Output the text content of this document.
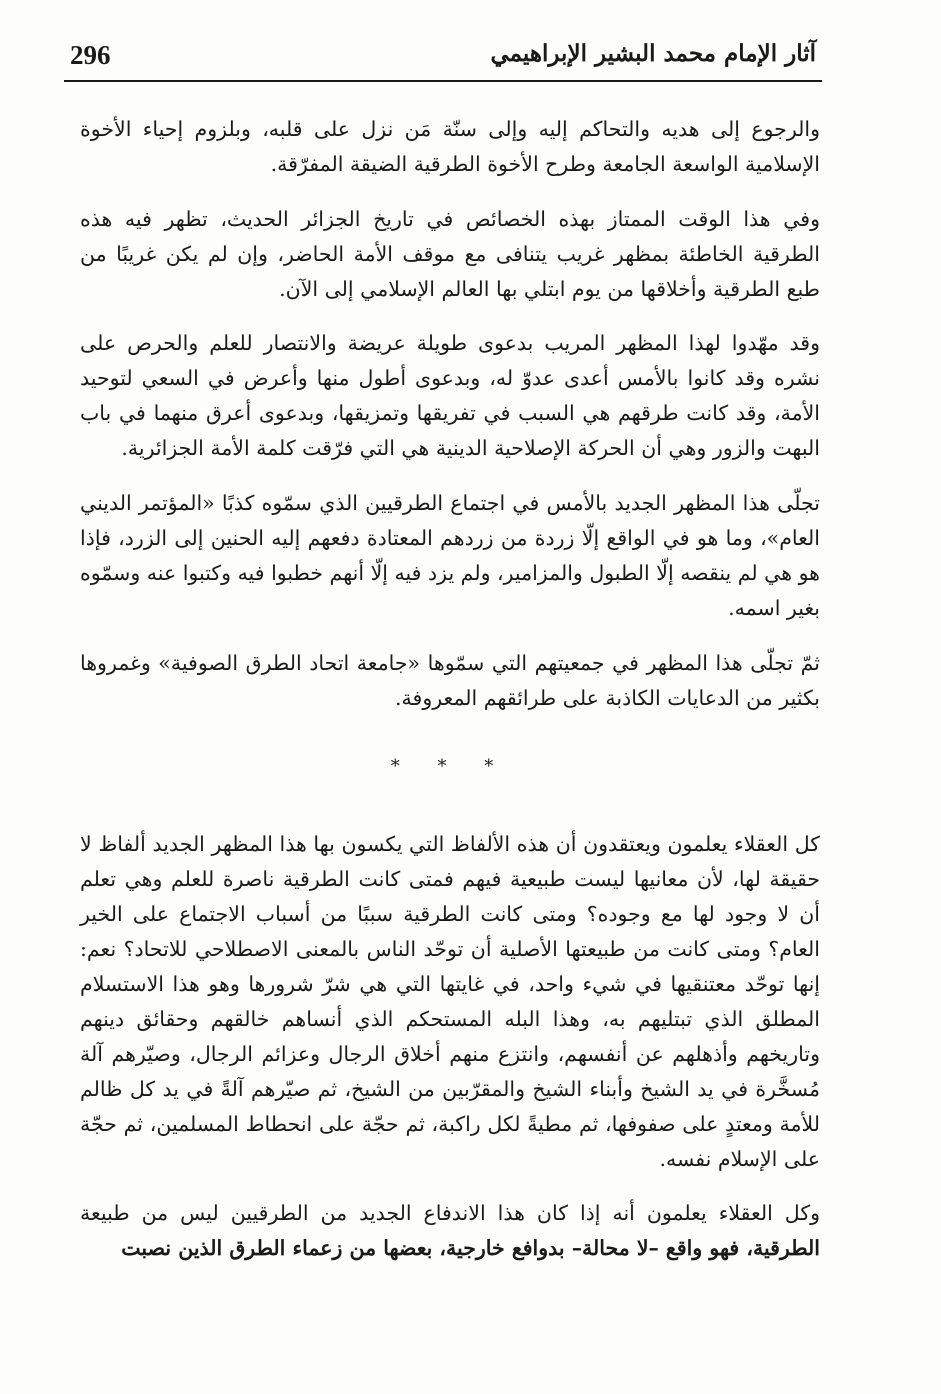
296	آثار الإمام محمد البشير الإبراهيمي

والرجوع إلى هديه والتحاكم إليه وإلى سنّة مَن نزل على قلبه، وبلزوم إحياء الأخوة الإسلامية الواسعة الجامعة وطرح الأخوة الطرقية الضيقة المفرّقة.

وفي هذا الوقت الممتاز بهذه الخصائص في تاريخ الجزائر الحديث، تظهر فيه هذه الطرقية الخاطئة بمظهر غريب يتنافى مع موقف الأمة الحاضر، وإن لم يكن غريبًا من طبع الطرقية وأخلاقها من يوم ابتلي بها العالم الإسلامي إلى الآن.

وقد مهّدوا لهذا المظهر المريب بدعوى طويلة عريضة والانتصار للعلم والحرص على نشره وقد كانوا بالأمس أعدى عدوّ له، وبدعوى أطول منها وأعرض في السعي لتوحيد الأمة، وقد كانت طرقهم هي السبب في تفريقها وتمزيقها، وبدعوى أعرق منهما في باب البهت والزور وهي أن الحركة الإصلاحية الدينية هي التي فرّقت كلمة الأمة الجزائرية.

تجلّى هذا المظهر الجديد بالأمس في اجتماع الطرقيين الذي سمّوه كذبًا «المؤتمر الديني العام»، وما هو في الواقع إلّا زردة من زردهم المعتادة دفعهم إليه الحنين إلى الزرد، فإذا هو هي لم ينقصه إلّا الطبول والمزامير، ولم يزد فيه إلّا أنهم خطبوا فيه وكتبوا عنه وسمّوه بغير اسمه.

ثمّ تجلّى هذا المظهر في جمعيتهم التي سمّوها «جامعة اتحاد الطرق الصوفية» وغمروها بكثير من الدعايات الكاذبة على طرائقهم المعروفة.

* * *

كل العقلاء يعلمون ويعتقدون أن هذه الألفاظ التي يكسون بها هذا المظهر الجديد ألفاظ لا حقيقة لها، لأن معانيها ليست طبيعية فيهم فمتى كانت الطرقية ناصرة للعلم وهي تعلم أن لا وجود لها مع وجوده؟ ومتى كانت الطرقية سببًا من أسباب الاجتماع على الخير العام؟ ومتى كانت من طبيعتها الأصلية أن توحّد الناس بالمعنى الاصطلاحي للاتحاد؟ نعم: إنها توحّد معتنقيها في شيء واحد، في غايتها التي هي شرّ شرورها وهو هذا الاستسلام المطلق الذي تبتليهم به، وهذا البله المستحكم الذي أنساهم خالقهم وحقائق دينهم وتاريخهم وأذهلهم عن أنفسهم، وانتزع منهم أخلاق الرجال وعزائم الرجال، وصيّرهم آلة مُسخَّرة في يد الشيخ وأبناء الشيخ والمقرّبين من الشيخ، ثم صيّرهم آلةً في يد كل ظالم للأمة ومعتدٍ على صفوفها، ثم مطيةً لكل راكبة، ثم حجّة على انحطاط المسلمين، ثم حجّة على الإسلام نفسه.

وكل العقلاء يعلمون أنه إذا كان هذا الاندفاع الجديد من الطرقيين ليس من طبيعة الطرقية، فهو واقع –لا محالة– بدوافع خارجية، بعضها من زعماء الطرق الذين نصبت
